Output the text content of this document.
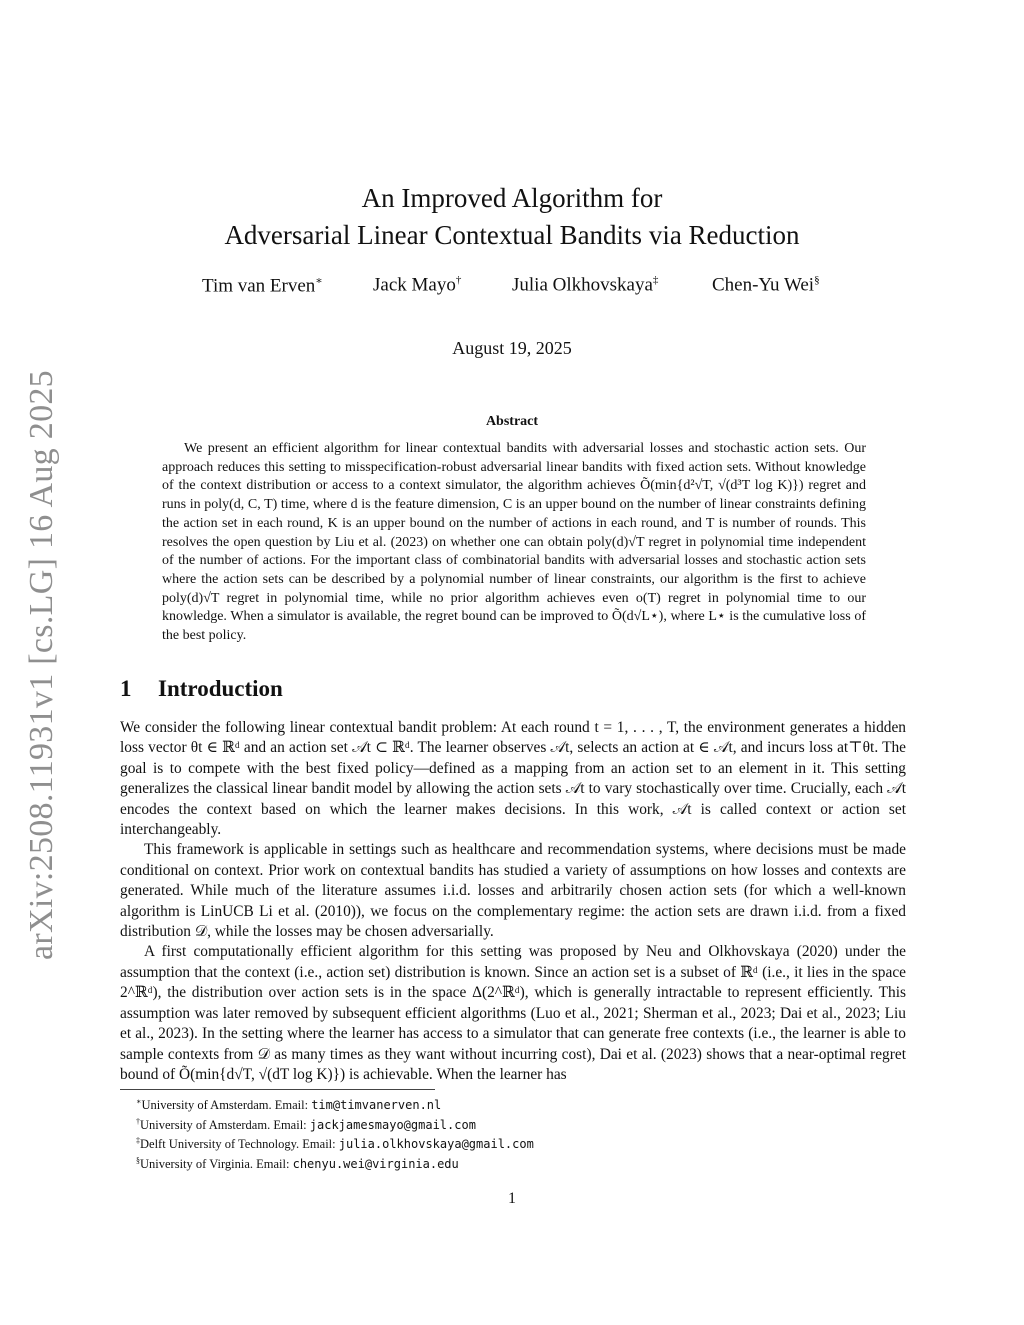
arXiv:2508.11931v1 [cs.LG] 16 Aug 2025
An Improved Algorithm for
Adversarial Linear Contextual Bandits via Reduction
Tim van Erven∗	Jack Mayo†	Julia Olkhovskaya‡	Chen-Yu Wei§
August 19, 2025
Abstract

We present an efficient algorithm for linear contextual bandits with adversarial losses and stochastic action sets. Our approach reduces this setting to misspecification-robust adversarial linear bandits with fixed action sets. Without knowledge of the context distribution or access to a context simulator, the algorithm achieves Õ(min{d²√T, √(d³T log K)}) regret and runs in poly(d, C, T) time, where d is the feature dimension, C is an upper bound on the number of linear constraints defining the action set in each round, K is an upper bound on the number of actions in each round, and T is number of rounds. This resolves the open question by Liu et al. (2023) on whether one can obtain poly(d)√T regret in polynomial time independent of the number of actions. For the important class of combinatorial bandits with adversarial losses and stochastic action sets where the action sets can be described by a polynomial number of linear constraints, our algorithm is the first to achieve poly(d)√T regret in polynomial time, while no prior algorithm achieves even o(T) regret in polynomial time to our knowledge. When a simulator is available, the regret bound can be improved to Õ(d√L⋆), where L⋆ is the cumulative loss of the best policy.

1 Introduction

We consider the following linear contextual bandit problem: At each round t = 1, . . . , T, the environment generates a hidden loss vector θt ∈ ℝᵈ and an action set 𝒜t ⊂ ℝᵈ. The learner observes 𝒜t, selects an action at ∈ 𝒜t, and incurs loss at⊤θt. The goal is to compete with the best fixed policy—defined as a mapping from an action set to an element in it. This setting generalizes the classical linear bandit model by allowing the action sets 𝒜t to vary stochastically over time. Crucially, each 𝒜t encodes the context based on which the learner makes decisions. In this work, 𝒜t is called context or action set interchangeably.

This framework is applicable in settings such as healthcare and recommendation systems, where decisions must be made conditional on context. Prior work on contextual bandits has studied a variety of assumptions on how losses and contexts are generated. While much of the literature assumes i.i.d. losses and arbitrarily chosen action sets (for which a well-known algorithm is LinUCB Li et al. (2010)), we focus on the complementary regime: the action sets are drawn i.i.d. from a fixed distribution 𝒟, while the losses may be chosen adversarially.

A first computationally efficient algorithm for this setting was proposed by Neu and Olkhovskaya (2020) under the assumption that the context (i.e., action set) distribution is known. Since an action set is a subset of ℝᵈ (i.e., it lies in the space 2^ℝᵈ), the distribution over action sets is in the space Δ(2^ℝᵈ), which is generally intractable to represent efficiently. This assumption was later removed by subsequent efficient algorithms (Luo et al., 2021; Sherman et al., 2023; Dai et al., 2023; Liu et al., 2023). In the setting where the learner has access to a simulator that can generate free contexts (i.e., the learner is able to sample contexts from 𝒟 as many times as they want without incurring cost), Dai et al. (2023) shows that a near-optimal regret bound of Õ(min{d√T, √(dT log K)}) is achievable. When the learner has

∗University of Amsterdam. Email: tim@timvanerven.nl
†University of Amsterdam. Email: jackjamesmayo@gmail.com
‡Delft University of Technology. Email: julia.olkhovskaya@gmail.com
§University of Virginia. Email: chenyu.wei@virginia.edu
1
